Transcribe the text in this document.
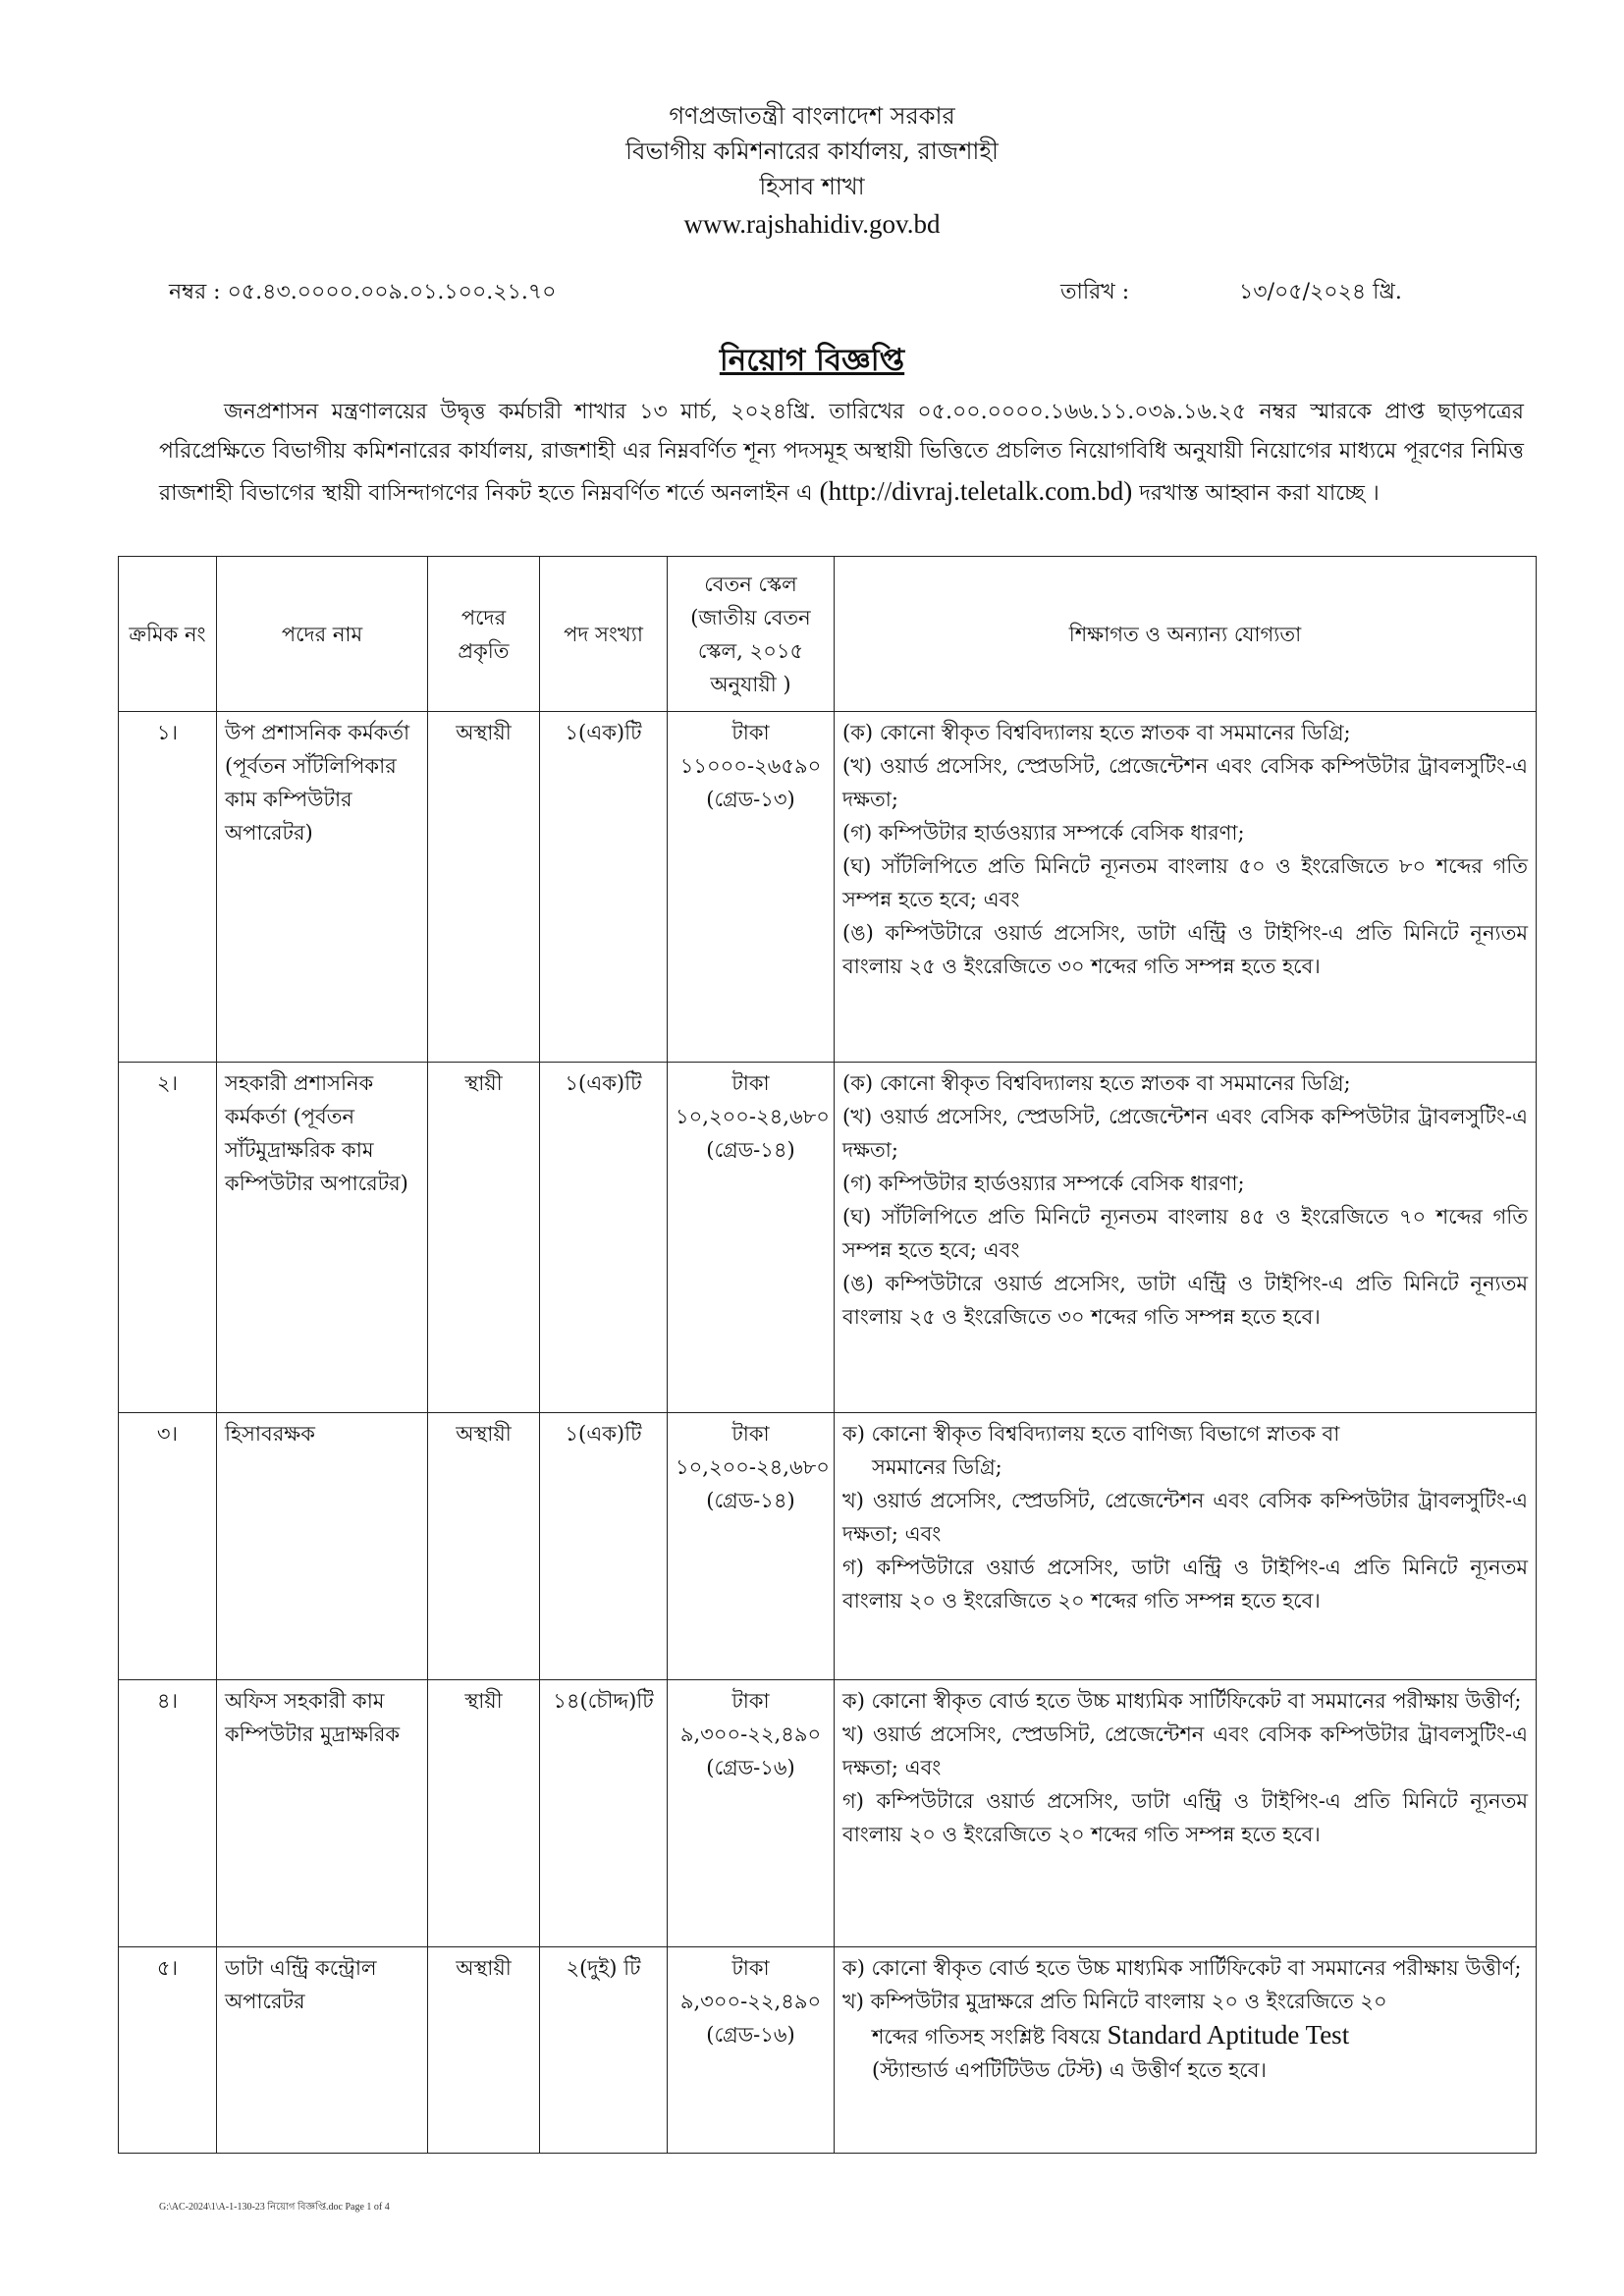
গণপ্রজাতন্ত্রী বাংলাদেশ সরকার
বিভাগীয় কমিশনারের কার্যালয়, রাজশাহী
হিসাব শাখা
www.rajshahidiv.gov.bd
নম্বর : ০৫.৪৩.০০০০.০০৯.০১.১০০.২১.৭০	তারিখ :	১৩/০৫/২০২৪ খ্রি.
নিয়োগ বিজ্ঞপ্তি

জনপ্রশাসন মন্ত্রণালয়ের উদ্বৃত্ত কর্মচারী শাখার ১৩ মার্চ, ২০২৪খ্রি. তারিখের ০৫.০০.০০০০.১৬৬.১১.০৩৯.১৬.২৫ নম্বর স্মারকে প্রাপ্ত ছাড়পত্রের পরিপ্রেক্ষিতে বিভাগীয় কমিশনারের কার্যালয়, রাজশাহী এর নিম্নবর্ণিত শূন্য পদসমূহ অস্থায়ী ভিত্তিতে প্রচলিত নিয়োগবিধি অনুযায়ী নিয়োগের মাধ্যমে পূরণের নিমিত্ত রাজশাহী বিভাগের স্থায়ী বাসিন্দাগণের নিকট হতে নিম্নবর্ণিত শর্তে অনলাইন এ (http://divraj.teletalk.com.bd) দরখাস্ত আহ্বান করা যাচ্ছে ।

ক্রমিক নং	পদের নাম	পদের প্রকৃতি	পদ সংখ্যা	বেতন স্কেল (জাতীয় বেতন স্কেল, ২০১৫ অনুযায়ী )	শিক্ষাগত ও অন্যান্য যোগ্যতা
১।	উপ প্রশাসনিক কর্মকর্তা (পূর্বতন সাঁটলিপিকার কাম কম্পিউটার অপারেটর)	অস্থায়ী	১(এক)টি	টাকা ১১০০০-২৬৫৯০ (গ্রেড-১৩)	(ক) কোনো স্বীকৃত বিশ্ববিদ্যালয় হতে স্নাতক বা সমমানের ডিগ্রি;
(খ) ওয়ার্ড প্রসেসিং, স্প্রেডসিট, প্রেজেন্টেশন এবং বেসিক কম্পিউটার ট্রাবলসুটিং-এ দক্ষতা;
(গ) কম্পিউটার হার্ডওয়্যার সম্পর্কে বেসিক ধারণা;
(ঘ) সাঁটলিপিতে প্রতি মিনিটে ন্যূনতম বাংলায় ৫০ ও ইংরেজিতে ৮০ শব্দের গতি সম্পন্ন হতে হবে; এবং
(ঙ) কম্পিউটারে ওয়ার্ড প্রসেসিং, ডাটা এন্ট্রি ও টাইপিং-এ প্রতি মিনিটে নূন্যতম বাংলায় ২৫ ও ইংরেজিতে ৩০ শব্দের গতি সম্পন্ন হতে হবে।

২।	সহকারী প্রশাসনিক কর্মকর্তা (পূর্বতন সাঁটমুদ্রাক্ষরিক কাম কম্পিউটার অপারেটর)	স্থায়ী	১(এক)টি	টাকা ১০,২০০-২৪,৬৮০ (গ্রেড-১৪)	(ক) কোনো স্বীকৃত বিশ্ববিদ্যালয় হতে স্নাতক বা সমমানের ডিগ্রি;
(খ) ওয়ার্ড প্রসেসিং, স্প্রেডসিট, প্রেজেন্টেশন এবং বেসিক কম্পিউটার ট্রাবলসুটিং-এ দক্ষতা;
(গ) কম্পিউটার হার্ডওয়্যার সম্পর্কে বেসিক ধারণা;
(ঘ) সাঁটলিপিতে প্রতি মিনিটে ন্যূনতম বাংলায় ৪৫ ও ইংরেজিতে ৭০ শব্দের গতি সম্পন্ন হতে হবে; এবং
(ঙ) কম্পিউটারে ওয়ার্ড প্রসেসিং, ডাটা এন্ট্রি ও টাইপিং-এ প্রতি মিনিটে নূন্যতম বাংলায় ২৫ ও ইংরেজিতে ৩০ শব্দের গতি সম্পন্ন হতে হবে।

৩।	হিসাবরক্ষক	অস্থায়ী	১(এক)টি	টাকা ১০,২০০-২৪,৬৮০ (গ্রেড-১৪)	ক) কোনো স্বীকৃত বিশ্ববিদ্যালয় হতে বাণিজ্য বিভাগে স্নাতক বা
সমমানের ডিগ্রি;
খ) ওয়ার্ড প্রসেসিং, স্প্রেডসিট, প্রেজেন্টেশন এবং বেসিক কম্পিউটার ট্রাবলসুটিং-এ দক্ষতা; এবং
গ) কম্পিউটারে ওয়ার্ড প্রসেসিং, ডাটা এন্ট্রি ও টাইপিং-এ প্রতি মিনিটে ন্যূনতম বাংলায় ২০ ও ইংরেজিতে ২০ শব্দের গতি সম্পন্ন হতে হবে।

৪।	অফিস সহকারী কাম কম্পিউটার মুদ্রাক্ষরিক	স্থায়ী	১৪(চৌদ্দ)টি	টাকা ৯,৩০০-২২,৪৯০ (গ্রেড-১৬)	ক) কোনো স্বীকৃত বোর্ড হতে উচ্চ মাধ্যমিক সার্টিফিকেট বা সমমানের পরীক্ষায় উত্তীর্ণ;
খ) ওয়ার্ড প্রসেসিং, স্প্রেডসিট, প্রেজেন্টেশন এবং বেসিক কম্পিউটার ট্রাবলসুটিং-এ দক্ষতা; এবং
গ) কম্পিউটারে ওয়ার্ড প্রসেসিং, ডাটা এন্ট্রি ও টাইপিং-এ প্রতি মিনিটে ন্যূনতম বাংলায় ২০ ও ইংরেজিতে ২০ শব্দের গতি সম্পন্ন হতে হবে।

৫।	ডাটা এন্ট্রি কন্ট্রোল অপারেটর	অস্থায়ী	২(দুই) টি	টাকা ৯,৩০০-২২,৪৯০ (গ্রেড-১৬)	ক) কোনো স্বীকৃত বোর্ড হতে উচ্চ মাধ্যমিক সার্টিফিকেট বা সমমানের পরীক্ষায় উত্তীর্ণ;
খ) কম্পিউটার মুদ্রাক্ষরে প্রতি মিনিটে বাংলায় ২০ ও ইংরেজিতে ২০
শব্দের গতিসহ সংশ্লিষ্ট বিষয়ে Standard Aptitude Test
(স্ট্যান্ডার্ড এপটিটিউড টেস্ট) এ উত্তীর্ণ হতে হবে।
G:\AC-2024\1\A-1-130-23 নিয়োগ বিজ্ঞপ্তি.doc Page 1 of 4
